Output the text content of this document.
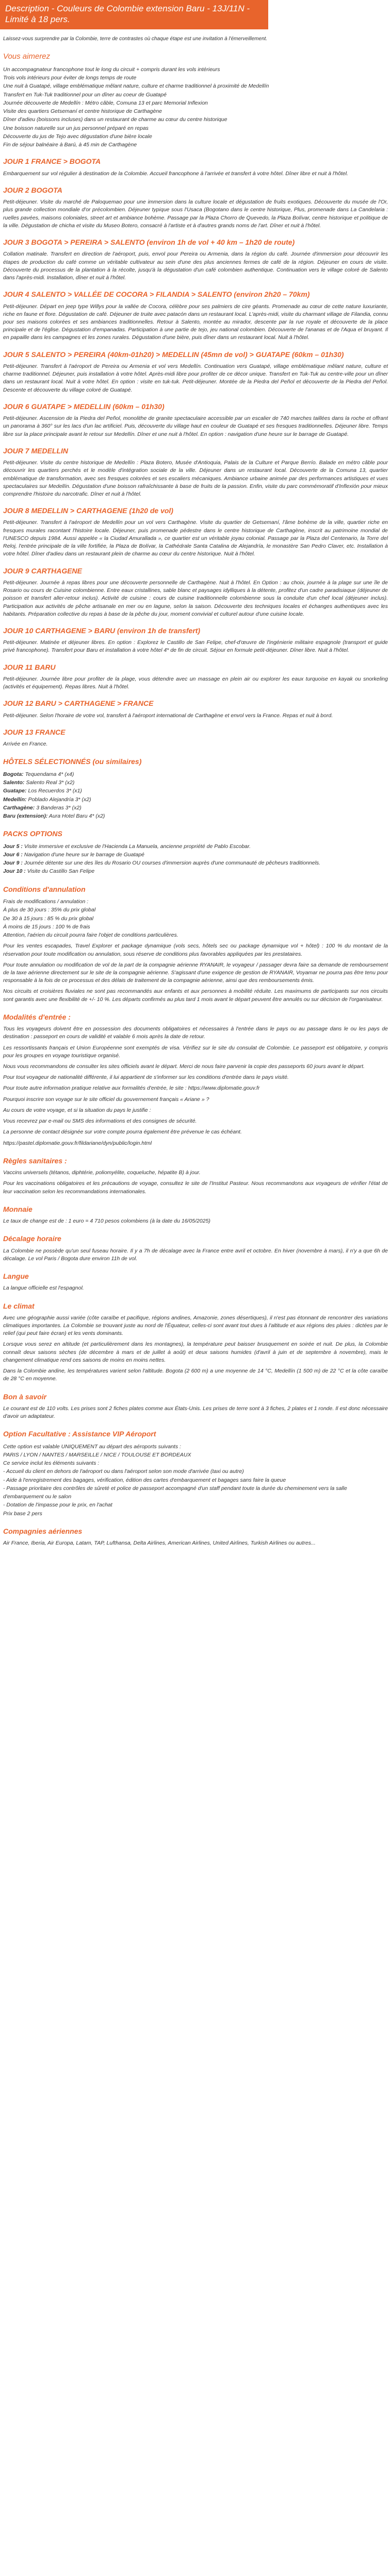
Description - Couleurs de Colombie extension Baru - 13J/11N -
Limité à 18 pers.

Laissez-vous surprendre par la Colombie, terre de contrastes où chaque étape est une invitation à l'émerveillement.

Vous aimerez
Un accompagnateur francophone tout le long du circuit + compris durant les vols intérieurs
Trois vols intérieurs pour éviter de longs temps de route
Une nuit à Guatapé, village emblématique mêlant nature, culture et charme traditionnel à proximité de Medellín
Transfert en Tuk-Tuk traditionnel pour un dîner au coeur de Guatapé
Journée découverte de Medellín : Métro câble, Comuna 13 et parc Memorial Inflexion
Visite des quartiers Getsemaní et centre historique de Carthagène
Dîner d'adieu (boissons incluses) dans un restaurant de charme au cœur du centre historique
Une boisson naturelle sur un jus personnel préparé en repas
Découverte du jus de Tejo avec dégustation d'une bière locale
Fin de séjour balnéaire à Barú, à 45 min de Carthagène
JOUR 1 FRANCE > BOGOTA

Embarquement sur vol régulier à destination de la Colombie. Accueil francophone à l'arrivée et transfert à votre hôtel. Dîner libre et nuit à l'hôtel.

JOUR 2 BOGOTA

Petit-déjeuner. Visite du marché de Paloquemao pour une immersion dans la culture locale et dégustation de fruits exotiques. Découverte du musée de l'Or, plus grande collection mondiale d'or précolombien. Déjeuner typique sous l'Usaca (Bogotano dans le centre historique, Plus, promenade dans La Candelaria : ruelles pavées, maisons coloniales, street art et ambiance bohème. Passage par la Plaza Chorro de Quevedo, la Plaza Bolívar, centre historique et politique de la ville. Dégustation de chicha et visite du Museo Botero, consacré à l'artiste et à d'autres grands noms de l'art. Dîner et nuit à l'hôtel.

JOUR 3 BOGOTA > PEREIRA > SALENTO (environ 1h de vol + 40 km – 1h20 de route)

Collation matinale. Transfert en direction de l'aéroport, puis, envol pour Pereira ou Armenia, dans la région du café. Journée d'immersion pour découvrir les étapes de production du café comme un véritable cultivateur au sein d'une des plus anciennes fermes de café de la région. Déjeuner en cours de visite. Découverte du processus de la plantation à la récolte, jusqu'à la dégustation d'un café colombien authentique. Continuation vers le village coloré de Salento dans l'après-midi. Installation, dîner et nuit à l'hôtel.

JOUR 4 SALENTO > VALLÉE DE COCORA > FILANDIA > SALENTO (environ 2h20 – 70km)

Petit-déjeuner. Départ en jeep type Willys pour la vallée de Cocora, célèbre pour ses palmiers de cire géants. Promenade au cœur de cette nature luxuriante, riche en faune et flore. Dégustation de café. Déjeuner de truite avec patacón dans un restaurant local. L'après-midi, visite du charmant village de Filandia, connu pour ses maisons colorées et ses ambiances traditionnelles. Retour à Salento, montée au mirador, descente par la rue royale et découverte de la place principale et de l'église. Dégustation d'empanadas. Participation à une partie de tejo, jeu national colombien. Découverte de l'ananas et de l'Aqua el bruyant. Il en papaille dans les campagnes et les zones rurales. Dégustation d'une bière, puis dîner dans un restaurant local. Nuit à l'hôtel.

JOUR 5 SALENTO > PEREIRA (40km-01h20) > MEDELLIN (45mn de vol) > GUATAPE (60km – 01h30)

Petit-déjeuner. Transfert à l'aéroport de Pereira ou Armenia et vol vers Medellín. Continuation vers Guatapé, village emblématique mêlant nature, culture et charme traditionnel. Déjeuner, puis installation à votre hôtel. Après-midi libre pour profiter de ce décor unique. Transfert en Tuk-Tuk au centre-ville pour un dîner dans un restaurant local. Nuit à votre hôtel. En option : visite en tuk-tuk. Petit-déjeuner. Montée de la Piedra del Peñol et découverte de la Piedra del Peñol. Descente et découverte du village coloré de Guatapé.

JOUR 6 GUATAPE > MEDELLIN (60km – 01h30)

Petit-déjeuner. Ascension de la Piedra del Peñol, monolithe de granite spectaculaire accessible par un escalier de 740 marches taillées dans la roche et offrant un panorama à 360° sur les lacs d'un lac artificiel. Puis, découverte du village haut en couleur de Guatapé et ses fresques traditionnelles. Déjeuner libre. Temps libre sur la place principale avant le retour sur Medellín. Dîner et une nuit à l'hôtel. En option : navigation d'une heure sur le barrage de Guatapé.

JOUR 7 MEDELLIN

Petit-déjeuner. Visite du centre historique de Medellín : Plaza Botero, Musée d'Antioquia, Palais de la Culture et Parque Berrío. Balade en métro câble pour découvrir les quartiers perchés et le modèle d'intégration sociale de la ville. Déjeuner dans un restaurant local. Découverte de la Comuna 13, quartier emblématique de transformation, avec ses fresques colorées et ses escaliers mécaniques. Ambiance urbaine animée par des performances artistiques et vues spectaculaires sur Medellín. Dégustation d'une boisson rafraîchissante à base de fruits de la passion. Enfin, visite du parc commémoratif d'Inflexión pour mieux comprendre l'histoire du narcotrafic. Dîner et nuit à l'hôtel.

JOUR 8 MEDELLIN > CARTHAGENE (1h20 de vol)

Petit-déjeuner. Transfert à l'aéroport de Medellín pour un vol vers Carthagène. Visite du quartier de Getsemaní, l'âme bohème de la ville, quartier riche en fresques murales racontant l'histoire locale. Déjeuner, puis promenade pédestre dans le centre historique de Carthagène, inscrit au patrimoine mondial de l'UNESCO depuis 1984. Aussi appelée « la Ciudad Amurallada », ce quartier est un véritable joyau colonial. Passage par la Plaza del Centenario, la Torre del Reloj, l'entrée principale de la ville fortifiée, la Plaza de Bolívar, la Cathédrale Santa Catalina de Alejandría, le monastère San Pedro Claver, etc. Installation à votre hôtel. Dîner d'adieu dans un restaurant plein de charme au cœur du centre historique. Nuit à l'hôtel.

JOUR 9 CARTHAGENE

Petit-déjeuner. Journée à repas libres pour une découverte personnelle de Carthagène. Nuit à l'hôtel. En Option : au choix, journée à la plage sur une île de Rosario ou cours de Cuisine colombienne. Entre eaux cristallines, sable blanc et paysages idylliques à la détente, profitez d'un cadre paradisiaque (déjeuner de poisson et transfert aller-retour inclus). Activité de cuisine : cours de cuisine traditionnelle colombienne sous la conduite d'un chef local (déjeuner inclus). Participation aux activités de pêche artisanale en mer ou en lagune, selon la saison. Découverte des techniques locales et échanges authentiques avec les habitants. Préparation collective du repas à base de la pêche du jour, moment convivial et culturel autour d'une cuisine locale.

JOUR 10 CARTHAGENE > BARU (environ 1h de transfert)

Petit-déjeuner. Matinée et déjeuner libres. En option : Explorez le Castillo de San Felipe, chef-d'œuvre de l'ingénierie militaire espagnole (transport et guide privé francophone). Transfert pour Baru et installation à votre hôtel 4* de fin de circuit. Séjour en formule petit-déjeuner. Dîner libre. Nuit à l'hôtel.

JOUR 11 BARU

Petit-déjeuner. Journée libre pour profiter de la plage, vous détendre avec un massage en plein air ou explorer les eaux turquoise en kayak ou snorkeling (activités et équipement). Repas libres. Nuit à l'hôtel.

JOUR 12 BARU > CARTHAGENE > FRANCE

Petit-déjeuner. Selon l'horaire de votre vol, transfert à l'aéroport international de Carthagène et envol vers la France. Repas et nuit à bord.

JOUR 13 FRANCE

Arrivée en France.

HÔTELS SÉLECTIONNÉS (ou similaires)
Bogota: Tequendama 4* (x4)
Salento: Salento Real 3* (x2)
Guatape: Los Recuerdos 3* (x1)
Medellín: Poblado Alejandría 3* (x2)
Carthagène: 3 Banderas 3* (x2)
Baru (extension): Aura Hotel Baru 4* (x2)
PACKS OPTIONS
Jour 5 : Visite immersive et exclusive de l'Hacienda La Manuela, ancienne propriété de Pablo Escobar.
Jour 6 : Navigation d'une heure sur le barrage de Guatapé
Jour 9 : Journée détente sur une des îles du Rosario OU courses d'immersion auprès d'une communauté de pêcheurs traditionnels.
Jour 10 : Visite du Castillo San Felipe
Conditions d'annulation
Frais de modifications / annulation :
À plus de 30 jours : 35% du prix global
De 30 à 15 jours : 85 % du prix global
À moins de 15 jours : 100 % de frais
Attention, l'aérien du circuit pourra faire l'objet de conditions particulières.

Pour les ventes escapades, Travel Explorer et package dynamique (vols secs, hôtels sec ou package dynamique vol + hôtel) : 100 % du montant de la réservation pour toute modification ou annulation, sous réserve de conditions plus favorables appliquées par les prestataires.

Pour toute annulation ou modification de vol de la part de la compagnie aérienne RYANAIR, le voyageur / passager devra faire sa demande de remboursement de la taxe aérienne directement sur le site de la compagnie aérienne. S'agissant d'une exigence de gestion de RYANAIR, Voyamar ne pourra pas être tenu pour responsable à la fois de ce processus et des délais de traitement de la compagnie aérienne, ainsi que des remboursements émis.

Nos circuits et croisières fluviales ne sont pas recommandés aux enfants et aux personnes à mobilité réduite. Les maximums de participants sur nos circuits sont garantis avec une flexibilité de +/- 10 %. Les départs confirmés au plus tard 1 mois avant le départ peuvent être annulés ou sur décision de l'organisateur.

Modalités d'entrée :

Tous les voyageurs doivent être en possession des documents obligatoires et nécessaires à l'entrée dans le pays ou au passage dans le ou les pays de destination : passeport en cours de validité et valable 6 mois après la date de retour.

Les ressortissants français et Union Européenne sont exemptés de visa. Vérifiez sur le site du consulat de Colombie. Le passeport est obligatoire, y compris pour les groupes en voyage touristique organisé.

Nous vous recommandons de consulter les sites officiels avant le départ. Merci de nous faire parvenir la copie des passeports 60 jours avant le départ.

Pour tout voyageur de nationalité différente, il lui appartient de s'informer sur les conditions d'entrée dans le pays visité.

Pour toute autre information pratique relative aux formalités d'entrée, le site : https://www.diplomatie.gouv.fr

Pourquoi inscrire son voyage sur le site officiel du gouvernement français « Ariane » ?

Au cours de votre voyage, et si la situation du pays le justifie :

Vous recevrez par e-mail ou SMS des informations et des consignes de sécurité.

La personne de contact désignée sur votre compte pourra également être prévenue le cas échéant.

https://pastel.diplomatie.gouv.fr/fildariane/dyn/public/login.html

Règles sanitaires :

Vaccins universels (tétanos, diphtérie, poliomyélite, coqueluche, hépatite B) à jour.

Pour les vaccinations obligatoires et les précautions de voyage, consultez le site de l'Institut Pasteur. Nous recommandons aux voyageurs de vérifier l'état de leur vaccination selon les recommandations internationales.

Monnaie

Le taux de change est de : 1 euro = 4 710 pesos colombiens (à la date du 16/05/2025)

Décalage horaire

La Colombie ne possède qu'un seul fuseau horaire. Il y a 7h de décalage avec la France entre avril et octobre. En hiver (novembre à mars), il n'y a que 6h de décalage. Le vol Paris / Bogota dure environ 11h de vol.

Langue

La langue officielle est l'espagnol.

Le climat

Avec une géographie aussi variée (côte caraïbe et pacifique, régions andines, Amazonie, zones désertiques), il n'est pas étonnant de rencontrer des variations climatiques importantes. La Colombie se trouvant juste au nord de l'Équateur, celles-ci sont avant tout dues à l'altitude et aux régions des pluies : dictées par le relief (qui peut faire écran) et les vents dominants.

Lorsque vous serez en altitude (et particulièrement dans les montagnes), la température peut baisser brusquement en soirée et nuit. De plus, la Colombie connaît deux saisons sèches (de décembre à mars et de juillet à août) et deux saisons humides (d'avril à juin et de septembre à novembre), mais le changement climatique rend ces saisons de moins en moins nettes.

Dans la Colombie andine, les températures varient selon l'altitude. Bogota (2 600 m) a une moyenne de 14 °C, Medellín (1 500 m) de 22 °C et la côte caraïbe de 28 °C en moyenne.

Bon à savoir

Le courant est de 110 volts. Les prises sont 2 fiches plates comme aux États-Unis. Les prises de terre sont à 3 fiches, 2 plates et 1 ronde. Il est donc nécessaire d'avoir un adaptateur.

Option Facultative : Assistance VIP Aéroport
Cette option est valable UNIQUEMENT au départ des aéroports suivants :
PARIS / LYON / NANTES / MARSEILLE / NICE / TOULOUSE ET BORDEAUX
Ce service inclut les éléments suivants :
- Accueil du client en dehors de l'aéroport ou dans l'aéroport selon son mode d'arrivée (taxi ou autre)
- Aide à l'enregistrement des bagages, vérification, édition des cartes d'embarquement et bagages sans faire la queue
- Passage prioritaire des contrôles de sûreté et police de passeport accompagné d'un staff pendant toute la durée du cheminement vers la salle d'embarquement ou le salon
- Dotation de l'impasse pour le prix, en l'achat
Prix base 2 pers
Compagnies aériennes

Air France, Iberia, Air Europa, Latam, TAP, Lufthansa, Delta Airlines, American Airlines, United Airlines, Turkish Airlines ou autres...
